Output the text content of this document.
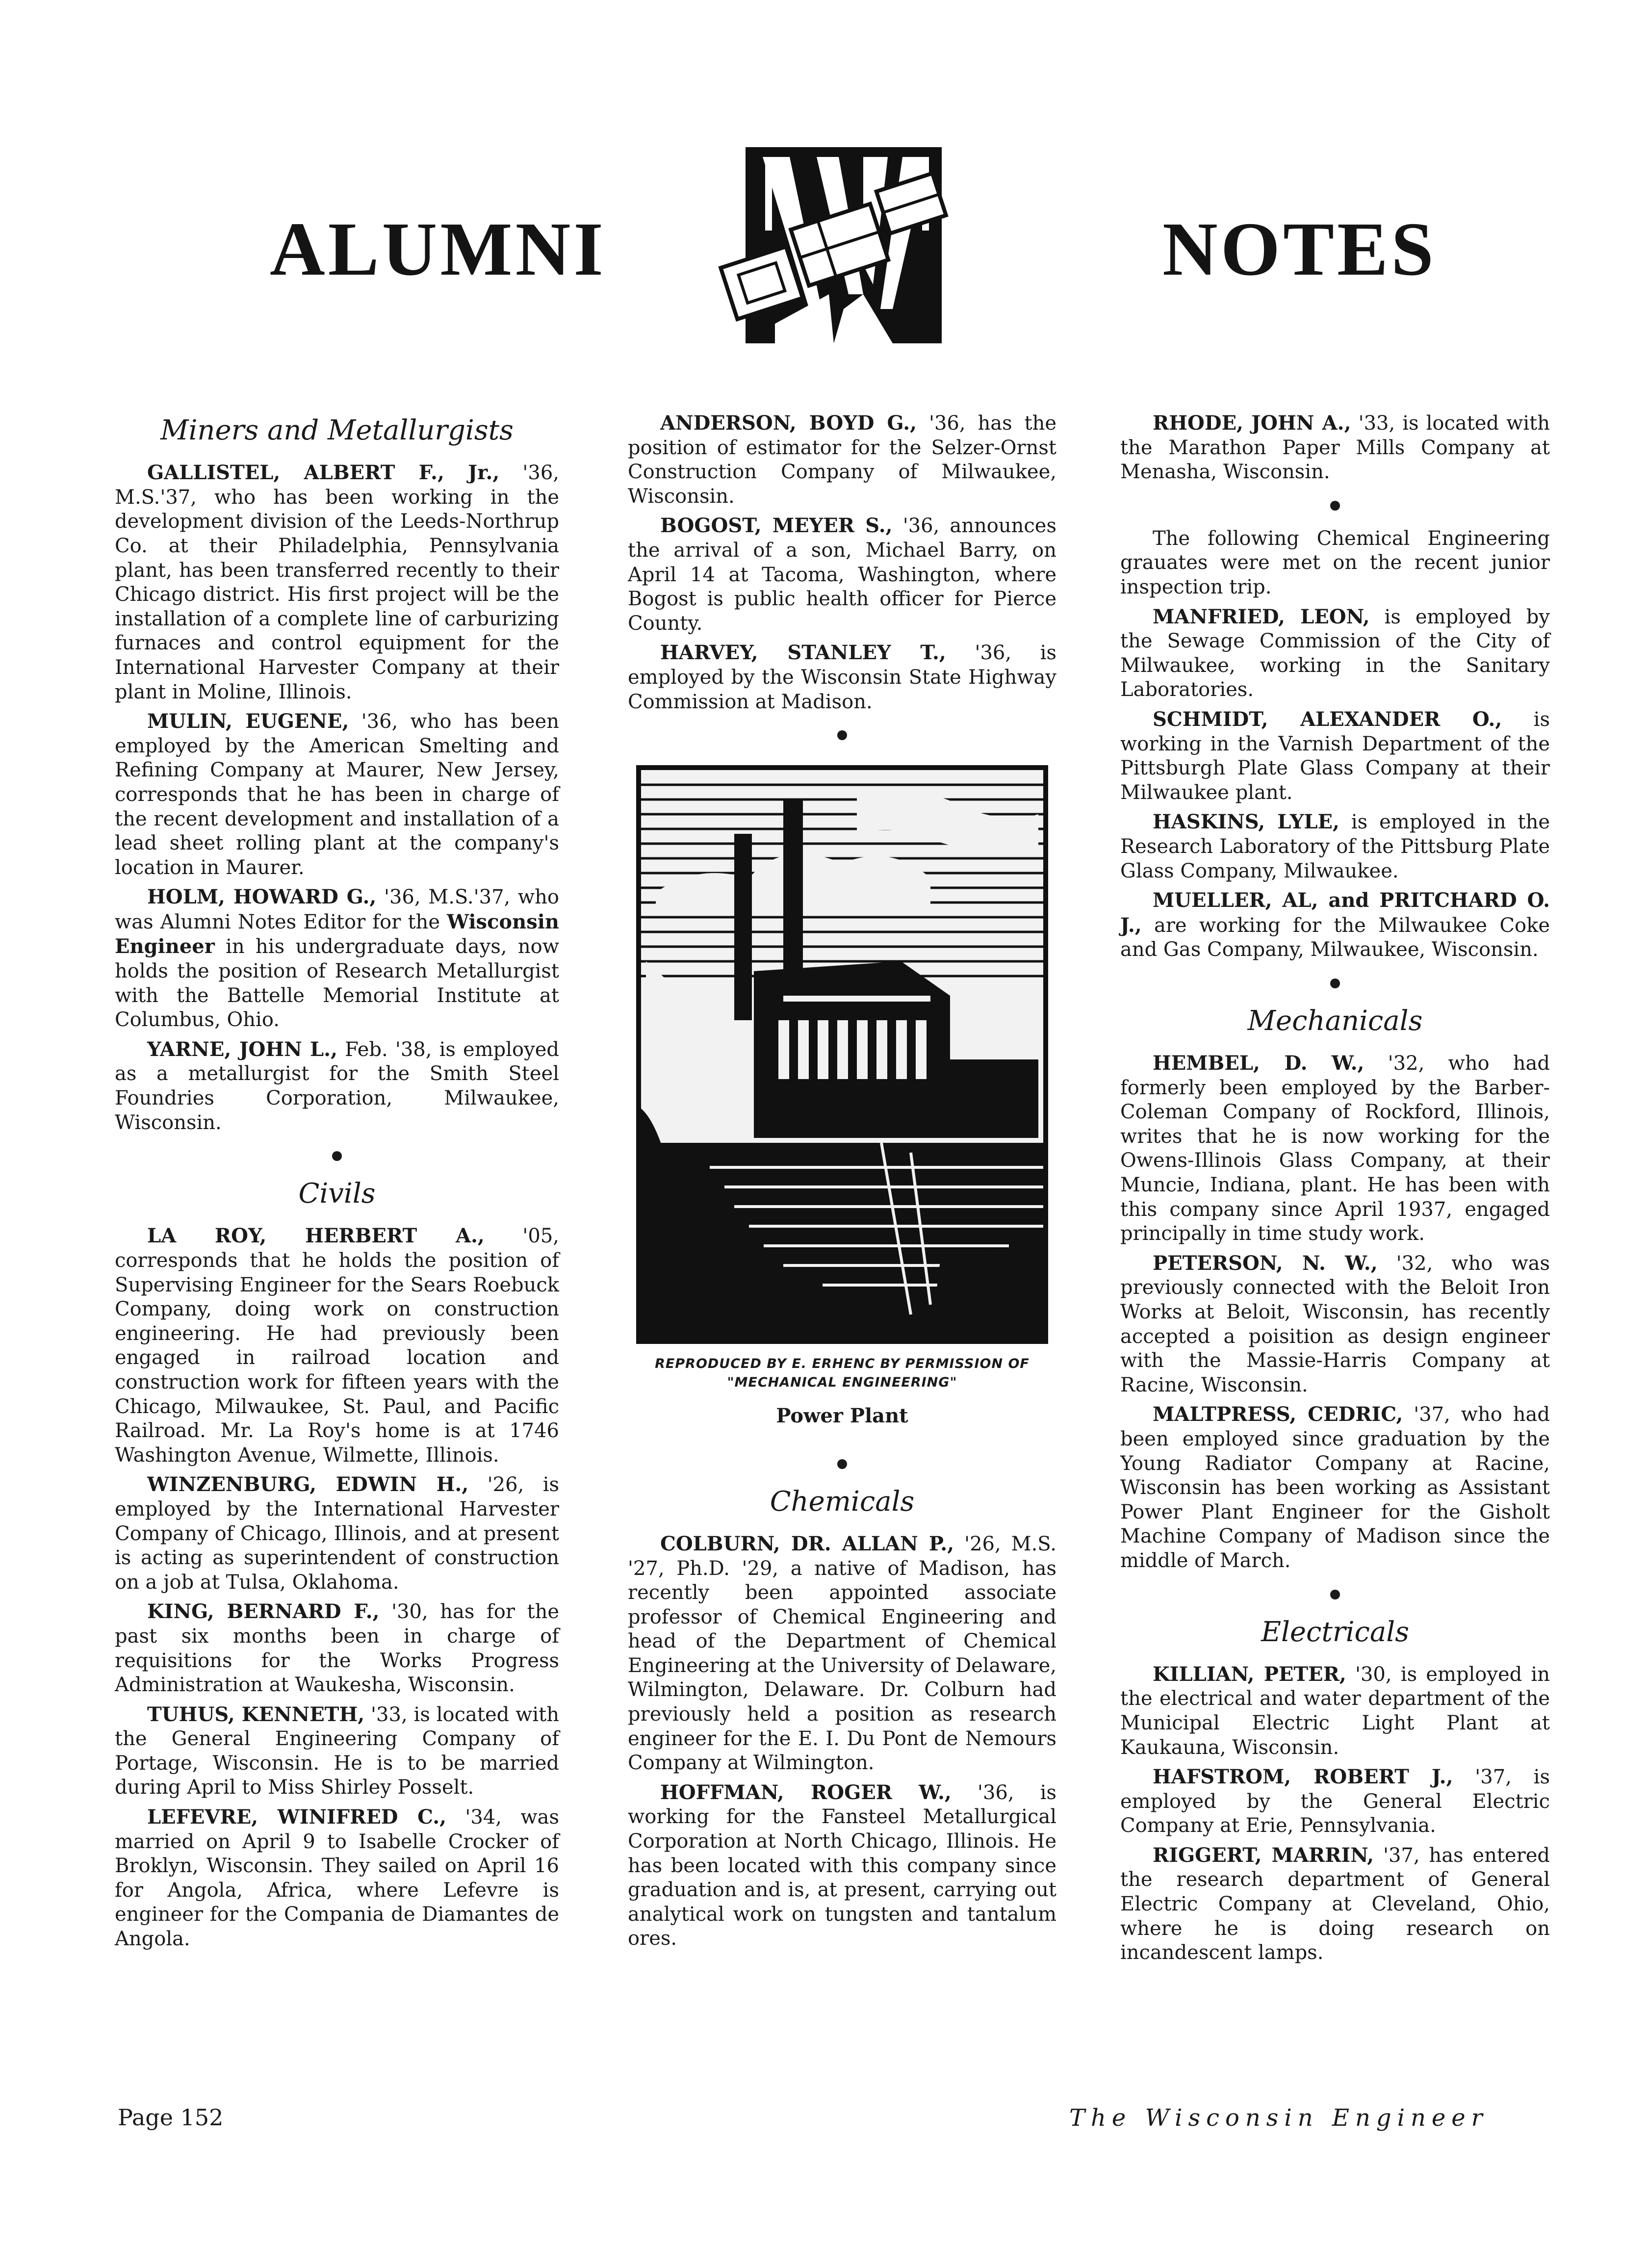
ALUMNI	NOTES
Miners and Metallurgists

GALLISTEL, ALBERT F., Jr., '36, M.S.'37, who has been working in the development division of the Leeds-Northrup Co. at their Philadelphia, Pennsylvania plant, has been transferred recently to their Chicago district. His first project will be the installation of a complete line of carburizing furnaces and control equipment for the International Harvester Company at their plant in Moline, Illinois.

MULIN, EUGENE, '36, who has been employed by the American Smelting and Refining Company at Maurer, New Jersey, corresponds that he has been in charge of the recent development and installation of a lead sheet rolling plant at the company's location in Maurer.

HOLM, HOWARD G., '36, M.S.'37, who was Alumni Notes Editor for the Wisconsin Engineer in his undergraduate days, now holds the position of Research Metallurgist with the Battelle Memorial Institute at Columbus, Ohio.

YARNE, JOHN L., Feb. '38, is employed as a metallurgist for the Smith Steel Foundries Corporation, Milwaukee, Wisconsin.

Civils

LA ROY, HERBERT A., '05, corresponds that he holds the position of Supervising Engineer for the Sears Roebuck Company, doing work on construction engineering. He had previously been engaged in railroad location and construction work for fifteen years with the Chicago, Milwaukee, St. Paul, and Pacific Railroad. Mr. La Roy's home is at 1746 Washington Avenue, Wilmette, Illinois.

WINZENBURG, EDWIN H., '26, is employed by the International Harvester Company of Chicago, Illinois, and at present is acting as superintendent of construction on a job at Tulsa, Oklahoma.

KING, BERNARD F., '30, has for the past six months been in charge of requisitions for the Works Progress Administration at Waukesha, Wisconsin.

TUHUS, KENNETH, '33, is located with the General Engineering Company of Portage, Wisconsin. He is to be married during April to Miss Shirley Posselt.

LEFEVRE, WINIFRED C., '34, was married on April 9 to Isabelle Crocker of Broklyn, Wisconsin. They sailed on April 16 for Angola, Africa, where Lefevre is engineer for the Compania de Diamantes de Angola.

ANDERSON, BOYD G., '36, has the position of estimator for the Selzer-Ornst Construction Company of Milwaukee, Wisconsin.

BOGOST, MEYER S., '36, announces the arrival of a son, Michael Barry, on April 14 at Tacoma, Washington, where Bogost is public health officer for Pierce County.

HARVEY, STANLEY T., '36, is employed by the Wisconsin State Highway Commission at Madison.

REPRODUCED BY E. ERHENC BY PERMISSION OF
"MECHANICAL ENGINEERING"
Power Plant
Chemicals

COLBURN, DR. ALLAN P., '26, M.S. '27, Ph.D. '29, a native of Madison, has recently been appointed associate professor of Chemical Engineering and head of the Department of Chemical Engineering at the University of Delaware, Wilmington, Delaware. Dr. Colburn had previously held a position as research engineer for the E. I. Du Pont de Nemours Company at Wilmington.

HOFFMAN, ROGER W., '36, is working for the Fansteel Metallurgical Corporation at North Chicago, Illinois. He has been located with this company since graduation and is, at present, carrying out analytical work on tungsten and tantalum ores.

RHODE, JOHN A., '33, is located with the Marathon Paper Mills Company at Menasha, Wisconsin.

The following Chemical Engineering grauates were met on the recent junior inspection trip.

MANFRIED, LEON, is employed by the Sewage Commission of the City of Milwaukee, working in the Sanitary Laboratories.

SCHMIDT, ALEXANDER O., is working in the Varnish Department of the Pittsburgh Plate Glass Company at their Milwaukee plant.

HASKINS, LYLE, is employed in the Research Laboratory of the Pittsburg Plate Glass Company, Milwaukee.

MUELLER, AL, and PRITCHARD O. J., are working for the Milwaukee Coke and Gas Company, Milwaukee, Wisconsin.

Mechanicals

HEMBEL, D. W., '32, who had formerly been employed by the Barber-Coleman Company of Rockford, Illinois, writes that he is now working for the Owens-Illinois Glass Company, at their Muncie, Indiana, plant. He has been with this company since April 1937, engaged principally in time study work.

PETERSON, N. W., '32, who was previously connected with the Beloit Iron Works at Beloit, Wisconsin, has recently accepted a poisition as design engineer with the Massie-Harris Company at Racine, Wisconsin.

MALTPRESS, CEDRIC, '37, who had been employed since graduation by the Young Radiator Company at Racine, Wisconsin has been working as Assistant Power Plant Engineer for the Gisholt Machine Company of Madison since the middle of March.

Electricals

KILLIAN, PETER, '30, is employed in the electrical and water department of the Municipal Electric Light Plant at Kaukauna, Wisconsin.

HAFSTROM, ROBERT J., '37, is employed by the General Electric Company at Erie, Pennsylvania.

RIGGERT, MARRIN, '37, has entered the research department of General Electric Company at Cleveland, Ohio, where he is doing research on incandescent lamps.

Page 152	The Wisconsin Engineer
